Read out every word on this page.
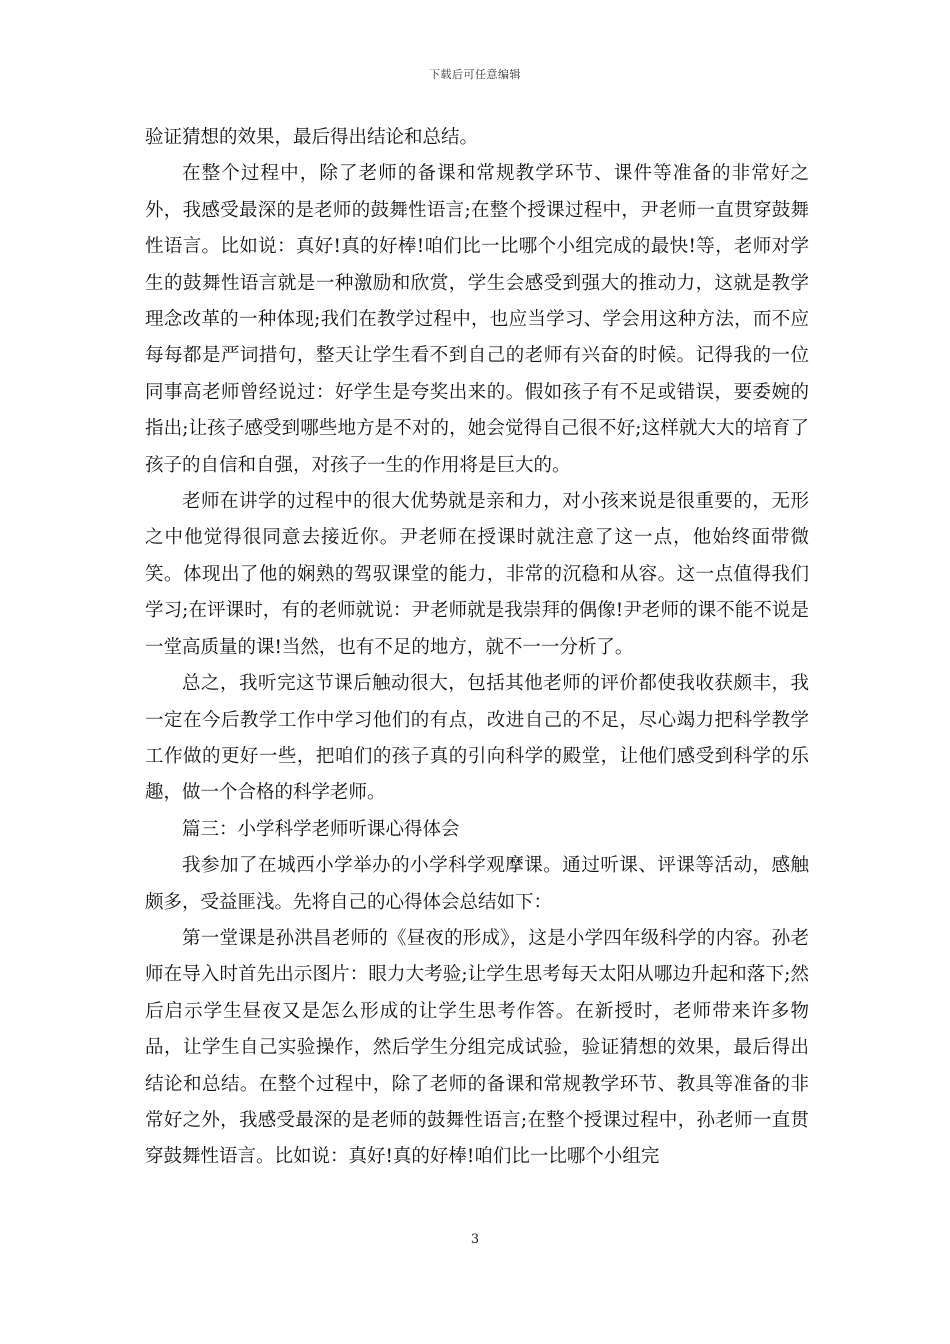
下载后可任意编辑

验证猜想的效果，最后得出结论和总结。

在整个过程中，除了老师的备课和常规教学环节、课件等准备的非常好之外，我感受最深的是老师的鼓舞性语言;在整个授课过程中，尹老师一直贯穿鼓舞性语言。比如说：真好!真的好棒!咱们比一比哪个小组完成的最快!等，老师对学生的鼓舞性语言就是一种激励和欣赏，学生会感受到强大的推动力，这就是教学理念改革的一种体现;我们在教学过程中，也应当学习、学会用这种方法，而不应每每都是严词措句，整天让学生看不到自己的老师有兴奋的时候。记得我的一位同事高老师曾经说过：好学生是夸奖出来的。假如孩子有不足或错误，要委婉的指出;让孩子感受到哪些地方是不对的，她会觉得自己很不好;这样就大大的培育了孩子的自信和自强，对孩子一生的作用将是巨大的。

老师在讲学的过程中的很大优势就是亲和力，对小孩来说是很重要的，无形之中他觉得很同意去接近你。尹老师在授课时就注意了这一点，他始终面带微笑。体现出了他的娴熟的驾驭课堂的能力，非常的沉稳和从容。这一点值得我们学习;在评课时，有的老师就说：尹老师就是我崇拜的偶像!尹老师的课不能不说是一堂高质量的课!当然，也有不足的地方，就不一一分析了。

总之，我听完这节课后触动很大，包括其他老师的评价都使我收获颇丰，我一定在今后教学工作中学习他们的有点，改进自己的不足，尽心竭力把科学教学工作做的更好一些，把咱们的孩子真的引向科学的殿堂，让他们感受到科学的乐趣，做一个合格的科学老师。

篇三：小学科学老师听课心得体会

我参加了在城西小学举办的小学科学观摩课。通过听课、评课等活动，感触颇多，受益匪浅。先将自己的心得体会总结如下：

第一堂课是孙洪昌老师的《昼夜的形成》，这是小学四年级科学的内容。孙老师在导入时首先出示图片：眼力大考验;让学生思考每天太阳从哪边升起和落下;然后启示学生昼夜又是怎么形成的让学生思考作答。在新授时，老师带来许多物品，让学生自己实验操作，然后学生分组完成试验，验证猜想的效果，最后得出结论和总结。在整个过程中，除了老师的备课和常规教学环节、教具等准备的非常好之外，我感受最深的是老师的鼓舞性语言;在整个授课过程中，孙老师一直贯穿鼓舞性语言。比如说：真好!真的好棒!咱们比一比哪个小组完

3
